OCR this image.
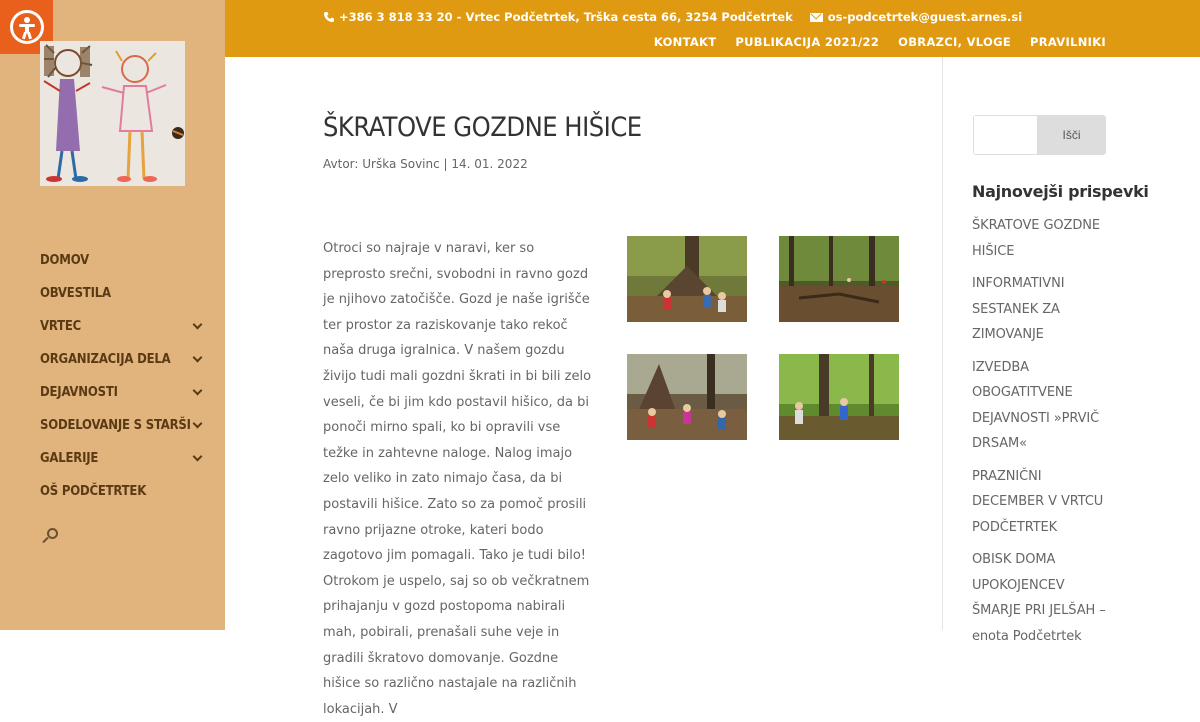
DOMOV
OBVESTILA
VRTEC
ORGANIZACIJA DELA
DEJAVNOSTI
SODELOVANJE S STARŠI
GALERIJE
OŠ PODČETRTEK
+386 3 818 33 20 - Vrtec Podčetrtek, Trška cesta 66, 3254 Podčetrtek	os-podcetrtek@guest.arnes.si
KONTAKT PUBLIKACIJA 2021/22 OBRAZCI, VLOGE PRAVILNIKI
ŠKRATOVE GOZDNE HIŠICE
Avtor: Urška Sovinc | 14. 01. 2022
Otroci so najraje v naravi, ker so preprosto srečni, svobodni in ravno gozd je njihovo zatočišče. Gozd je naše igrišče ter prostor za raziskovanje tako rekoč naša druga igralnica. V našem gozdu živijo tudi mali gozdni škrati in bi bili zelo veseli, če bi jim kdo postavil hišico, da bi ponoči mirno spali, ko bi opravili vse težke in zahtevne naloge. Nalog imajo zelo veliko in zato nimajo časa, da bi postavili hišice. Zato so za pomoč prosili ravno prijazne otroke, kateri bodo zagotovo jim pomagali. Tako je tudi bilo! Otrokom je uspelo, saj so ob večkratnem prihajanju v gozd postopoma nabirali mah, pobirali, prenašali suhe veje in gradili škratovo domovanje. Gozdne hišice so različno nastajale na različnih lokacijah. V
Išči
Najnovejši prispevki
ŠKRATOVE GOZDNE HIŠICE
INFORMATIVNI SESTANEK ZA ZIMOVANJE
IZVEDBA OBOGATITVENE DEJAVNOSTI »PRVIČ DRSAM«
PRAZNIČNI DECEMBER V VRTCU PODČETRTEK
OBISK DOMA UPOKOJENCEV ŠMARJE PRI JELŠAH – enota Podčetrtek
